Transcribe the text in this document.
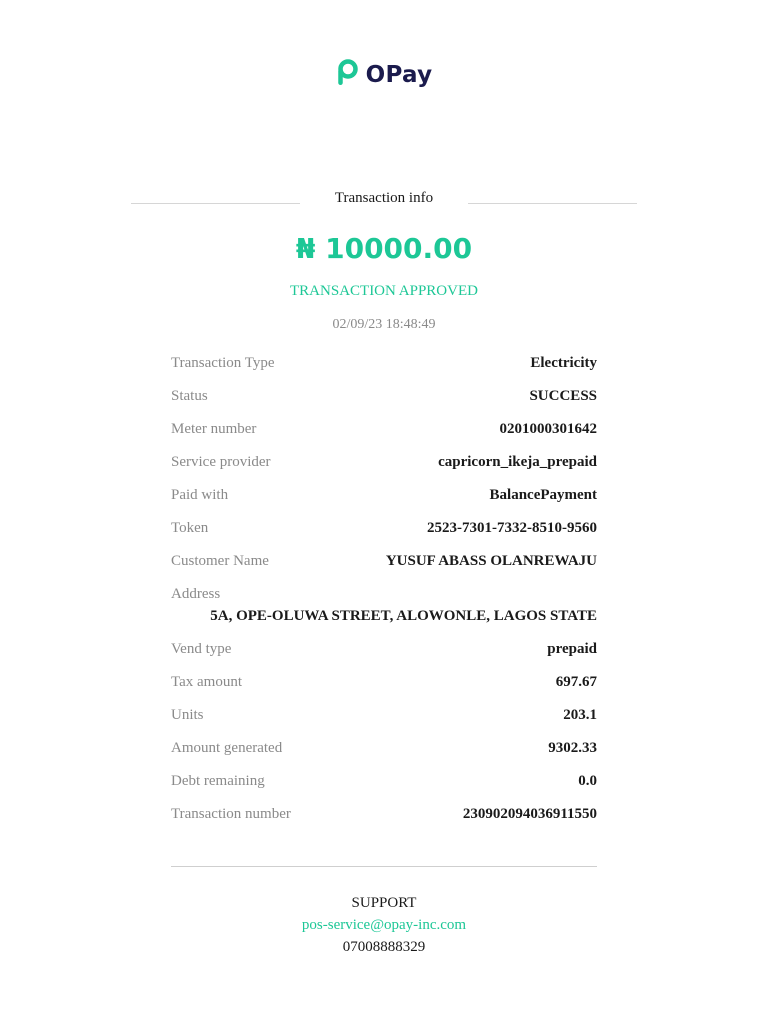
OPay
Transaction info
₦ 10000.00
TRANSACTION APPROVED
02/09/23 18:48:49
Transaction Type	Electricity
Status	SUCCESS
Meter number	0201000301642
Service provider	capricorn_ikeja_prepaid
Paid with	BalancePayment
Token	2523-7301-7332-8510-9560
Customer Name	YUSUF ABASS OLANREWAJU
Address
5A, OPE-OLUWA STREET, ALOWONLE, LAGOS STATE
Vend type	prepaid
Tax amount	697.67
Units	203.1
Amount generated	9302.33
Debt remaining	0.0
Transaction number	230902094036911550
SUPPORT
pos-service@opay-inc.com
07008888329
